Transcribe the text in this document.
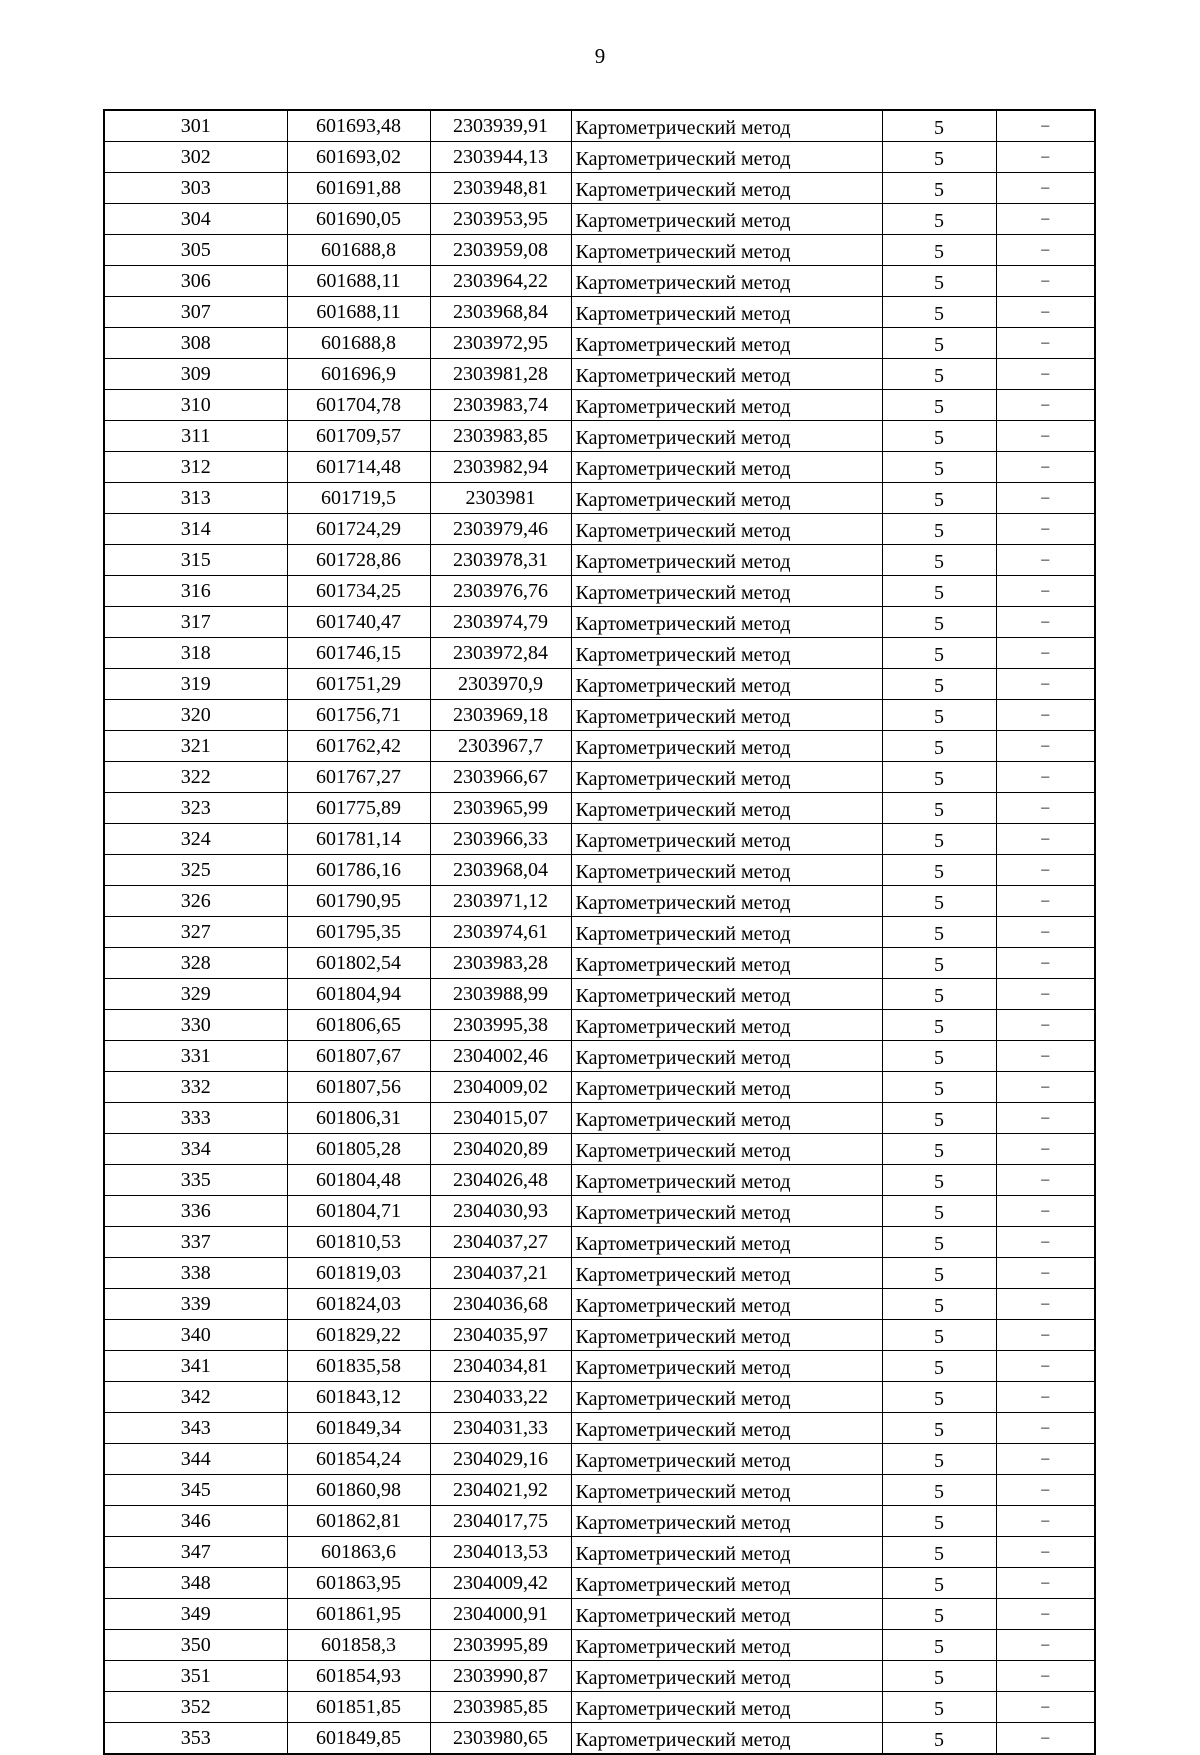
9
301	601693,48	2303939,91	Картометрический метод	5	–
302	601693,02	2303944,13	Картометрический метод	5	–
303	601691,88	2303948,81	Картометрический метод	5	–
304	601690,05	2303953,95	Картометрический метод	5	–
305	601688,8	2303959,08	Картометрический метод	5	–
306	601688,11	2303964,22	Картометрический метод	5	–
307	601688,11	2303968,84	Картометрический метод	5	–
308	601688,8	2303972,95	Картометрический метод	5	–
309	601696,9	2303981,28	Картометрический метод	5	–
310	601704,78	2303983,74	Картометрический метод	5	–
311	601709,57	2303983,85	Картометрический метод	5	–
312	601714,48	2303982,94	Картометрический метод	5	–
313	601719,5	2303981	Картометрический метод	5	–
314	601724,29	2303979,46	Картометрический метод	5	–
315	601728,86	2303978,31	Картометрический метод	5	–
316	601734,25	2303976,76	Картометрический метод	5	–
317	601740,47	2303974,79	Картометрический метод	5	–
318	601746,15	2303972,84	Картометрический метод	5	–
319	601751,29	2303970,9	Картометрический метод	5	–
320	601756,71	2303969,18	Картометрический метод	5	–
321	601762,42	2303967,7	Картометрический метод	5	–
322	601767,27	2303966,67	Картометрический метод	5	–
323	601775,89	2303965,99	Картометрический метод	5	–
324	601781,14	2303966,33	Картометрический метод	5	–
325	601786,16	2303968,04	Картометрический метод	5	–
326	601790,95	2303971,12	Картометрический метод	5	–
327	601795,35	2303974,61	Картометрический метод	5	–
328	601802,54	2303983,28	Картометрический метод	5	–
329	601804,94	2303988,99	Картометрический метод	5	–
330	601806,65	2303995,38	Картометрический метод	5	–
331	601807,67	2304002,46	Картометрический метод	5	–
332	601807,56	2304009,02	Картометрический метод	5	–
333	601806,31	2304015,07	Картометрический метод	5	–
334	601805,28	2304020,89	Картометрический метод	5	–
335	601804,48	2304026,48	Картометрический метод	5	–
336	601804,71	2304030,93	Картометрический метод	5	–
337	601810,53	2304037,27	Картометрический метод	5	–
338	601819,03	2304037,21	Картометрический метод	5	–
339	601824,03	2304036,68	Картометрический метод	5	–
340	601829,22	2304035,97	Картометрический метод	5	–
341	601835,58	2304034,81	Картометрический метод	5	–
342	601843,12	2304033,22	Картометрический метод	5	–
343	601849,34	2304031,33	Картометрический метод	5	–
344	601854,24	2304029,16	Картометрический метод	5	–
345	601860,98	2304021,92	Картометрический метод	5	–
346	601862,81	2304017,75	Картометрический метод	5	–
347	601863,6	2304013,53	Картометрический метод	5	–
348	601863,95	2304009,42	Картометрический метод	5	–
349	601861,95	2304000,91	Картометрический метод	5	–
350	601858,3	2303995,89	Картометрический метод	5	–
351	601854,93	2303990,87	Картометрический метод	5	–
352	601851,85	2303985,85	Картометрический метод	5	–
353	601849,85	2303980,65	Картометрический метод	5	–
